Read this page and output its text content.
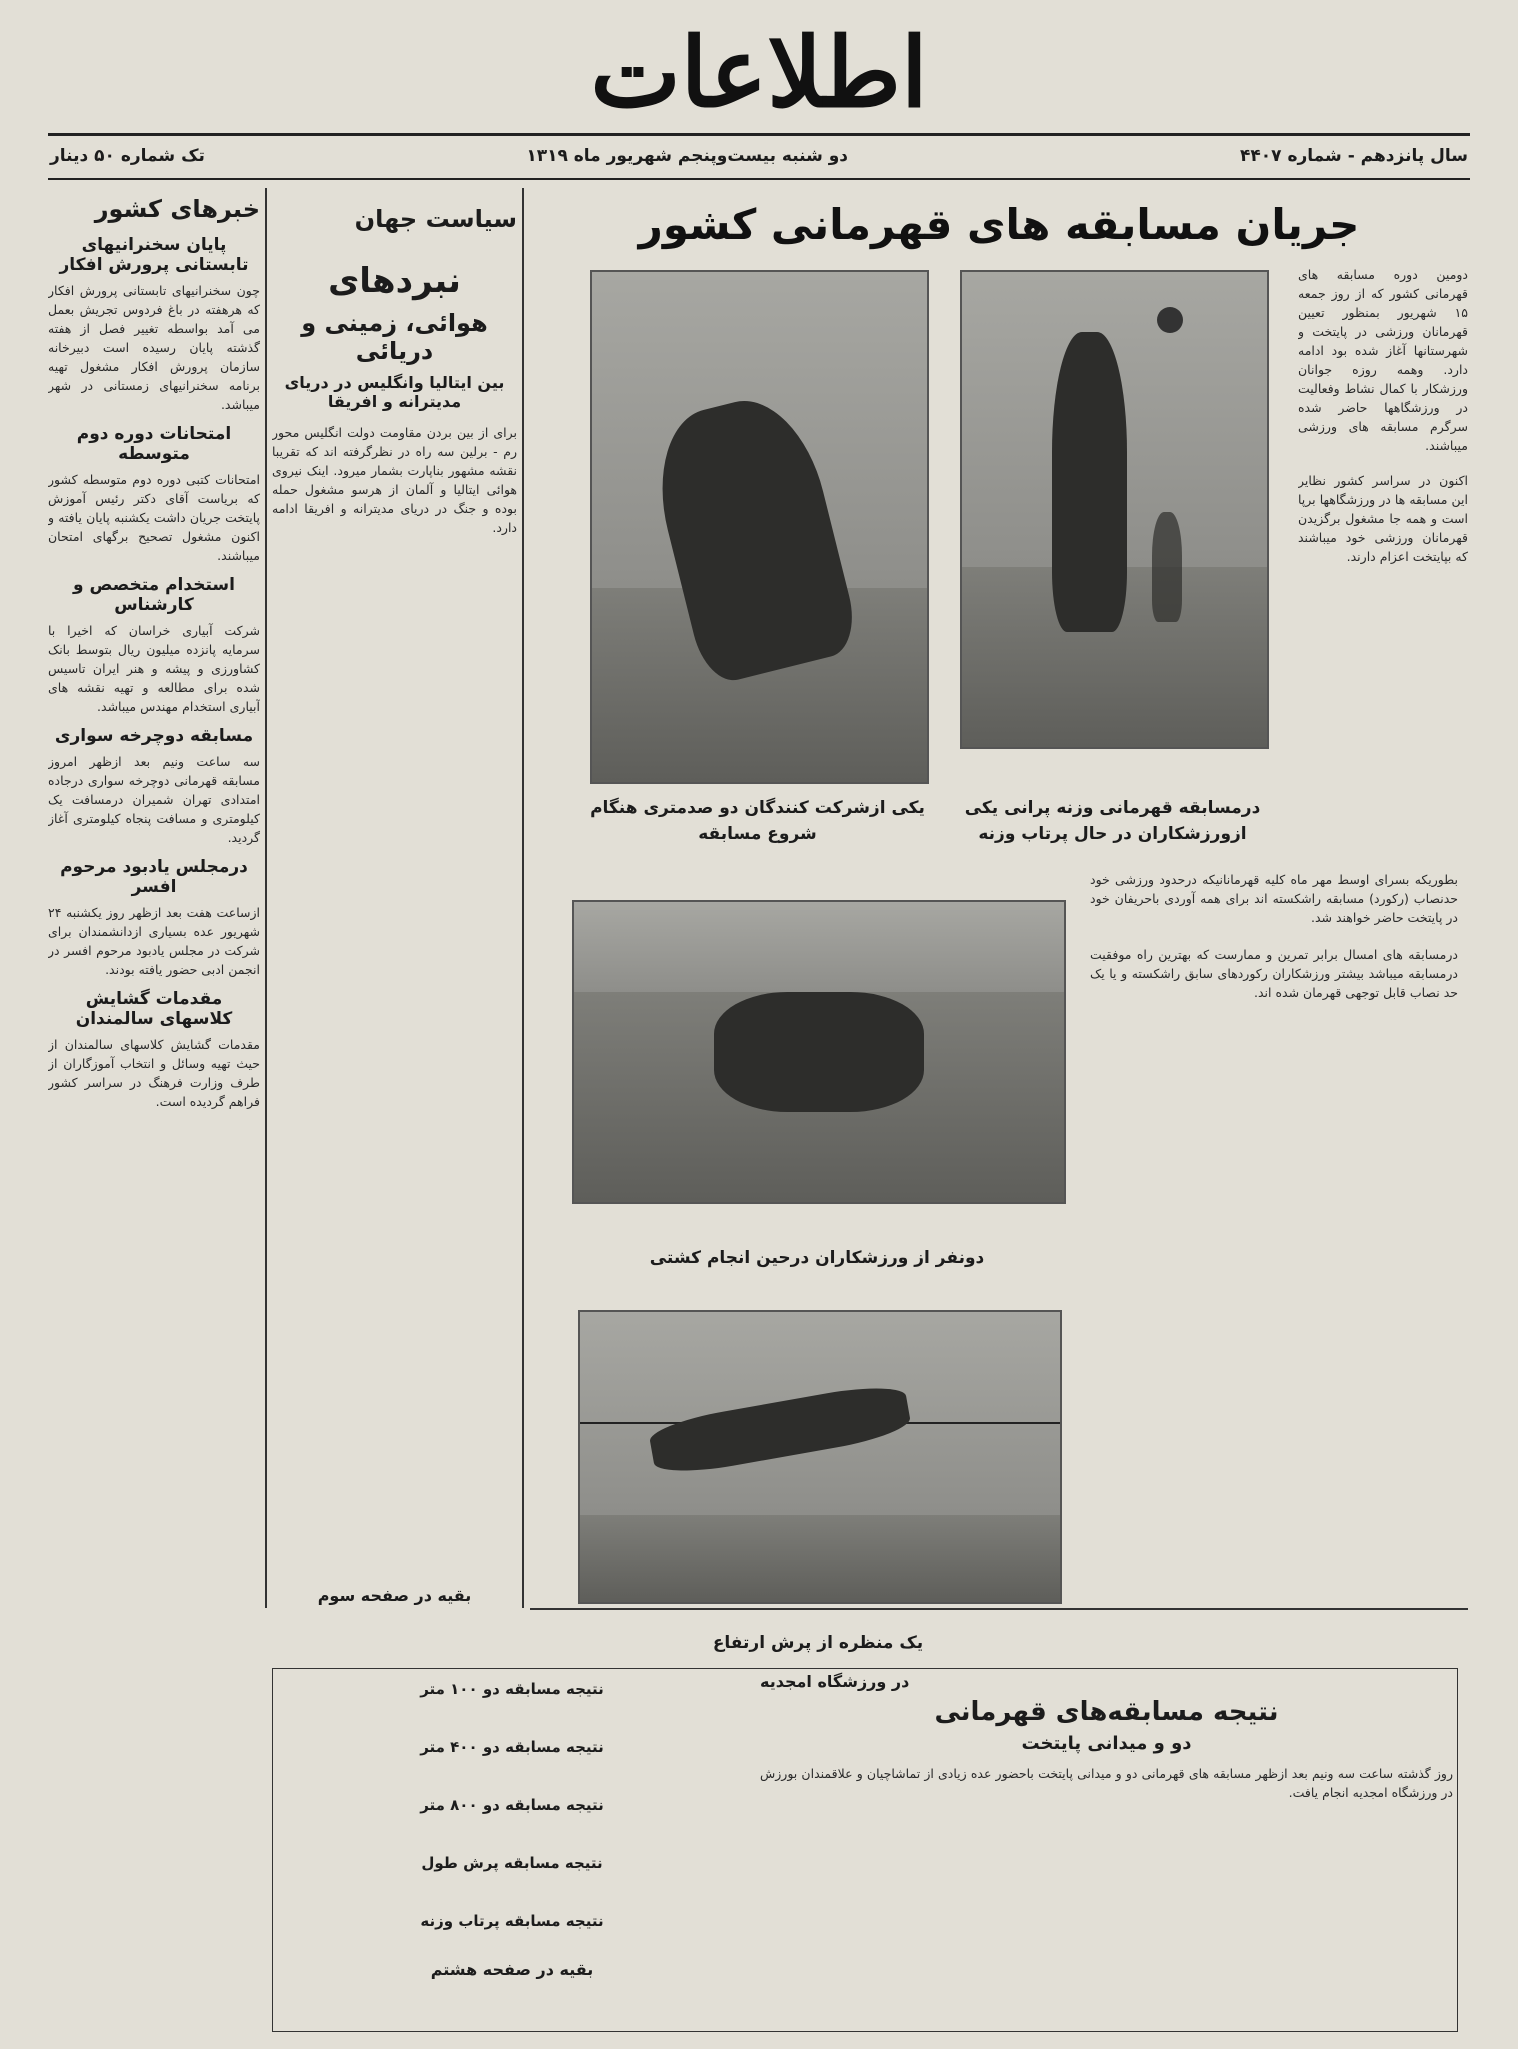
اطلاعات
سال پانزدهم - شماره ۴۴۰۷
دو شنبه بیست‌و‌پنجم شهریور ماه ۱۳۱۹
تک شماره ۵۰ دینار
جریان مسابقه های قهرمانی کشور
دومین دوره مسابقه های قهرمانی کشور که از روز جمعه ۱۵ شهریور بمنظور تعیین قهرمانان ورزشی در پایتخت و شهرستانها آغاز شده بود ادامه دارد. وهمه روزه جوانان ورزشکار با کمال نشاط وفعالیت در ورزشگاهها حاضر شده سرگرم مسابقه های ورزشی میباشند.
اکنون در سراسر کشور نظایر این مسابقه ها در ورزشگاهها برپا است و همه جا مشغول برگزیدن قهرمانان ورزشی خود میباشند که بپایتخت اعزام دارند.
درمسابقه قهرمانی وزنه پرانی یکی ازورزشکاران در حال پرتاب وزنه
یکی ازشرکت کنندگان دو صدمتری هنگام شروع مسابقه
بطوریکه بسرای اوسط مهر ماه کلیه قهرمانانیکه درحدود ورزشی خود حدنصاب (رکورد) مسابقه راشکسته اند برای همه آوردی باحریفان خود در پایتخت حاضر خواهند شد.
درمسابقه های امسال برابر تمرین و ممارست که بهترین راه موفقیت درمسابقه میباشد بیشتر ورزشکاران رکوردهای سابق راشکسته و یا یک حد نصاب قابل توجهی قهرمان شده اند.
دونفر از ورزشکاران درحین انجام کشتی
یک منظره از پرش ارتفاع
سیاست جهان
نبردهای
هوائی، زمینی و دریائی
بین ایتالیا وانگلیس در دریای مدیترانه و افریقا
برای از بین بردن مقاومت دولت انگلیس محور رم - برلین سه راه در نظرگرفته اند که تقریبا نقشه مشهور بناپارت بشمار میرود. اینک نیروی هوائی ایتالیا و آلمان از هرسو مشغول حمله بوده و جنگ در دریای مدیترانه و افریقا ادامه دارد.
بقیه در صفحه سوم
خبرهای کشور
پایان سخنرانیهای تابستانی پرورش افکار
چون سخنرانیهای تابستانی پرورش افکار که هرهفته در باغ فردوس تجریش بعمل می آمد بواسطه تغییر فصل از هفته گذشته پایان رسیده است دبیرخانه سازمان پرورش افکار مشغول تهیه برنامه سخنرانیهای زمستانی در شهر میباشد.
امتحانات دوره دوم متوسطه
امتحانات کتبی دوره دوم متوسطه کشور که بریاست آقای دکتر رئیس آموزش پایتخت جریان داشت یکشنبه پایان یافته و اکنون مشغول تصحیح برگهای امتحان میباشند.
استخدام متخصص و کارشناس
شرکت آبیاری خراسان که اخیرا با سرمایه پانزده میلیون ریال بتوسط بانک کشاورزی و پیشه و هنر ایران تاسیس شده برای مطالعه و تهیه نقشه های آبیاری استخدام مهندس میباشد.
مسابقه دوچرخه سواری
سه ساعت ونیم بعد ازظهر امروز مسابقه قهرمانی دوچرخه سواری درجاده امتدادی تهران شمیران درمسافت یک کیلومتری و مسافت پنجاه کیلومتری آغاز گردید.
درمجلس یادبود مرحوم افسر
ازساعت هفت بعد ازظهر روز یکشنبه ۲۴ شهریور عده بسیاری ازدانشمندان برای شرکت در مجلس یادبود مرحوم افسر در انجمن ادبی حضور یافته بودند.
مقدمات گشایش کلاسهای سالمندان
مقدمات گشایش کلاسهای سالمندان از حیث تهیه وسائل و انتخاب آموزگاران از طرف وزارت فرهنگ در سراسر کشور فراهم گردیده است.
در ورزشگاه امجدیه
نتیجه مسابقه‌های قهرمانی
دو و میدانی پایتخت
روز گذشته ساعت سه ونیم بعد ازظهر مسابقه های قهرمانی دو و میدانی پایتخت باحضور عده زیادی از تماشاچیان و علاقمندان بورزش در ورزشگاه امجدیه انجام یافت.
نتیجه مسابقه دو ۱۰۰ متر
نتیجه مسابقه دو ۴۰۰ متر
نتیجه مسابقه دو ۸۰۰ متر
نتیجه مسابقه پرش طول
نتیجه مسابقه پرتاب وزنه
بقیه در صفحه هشتم
